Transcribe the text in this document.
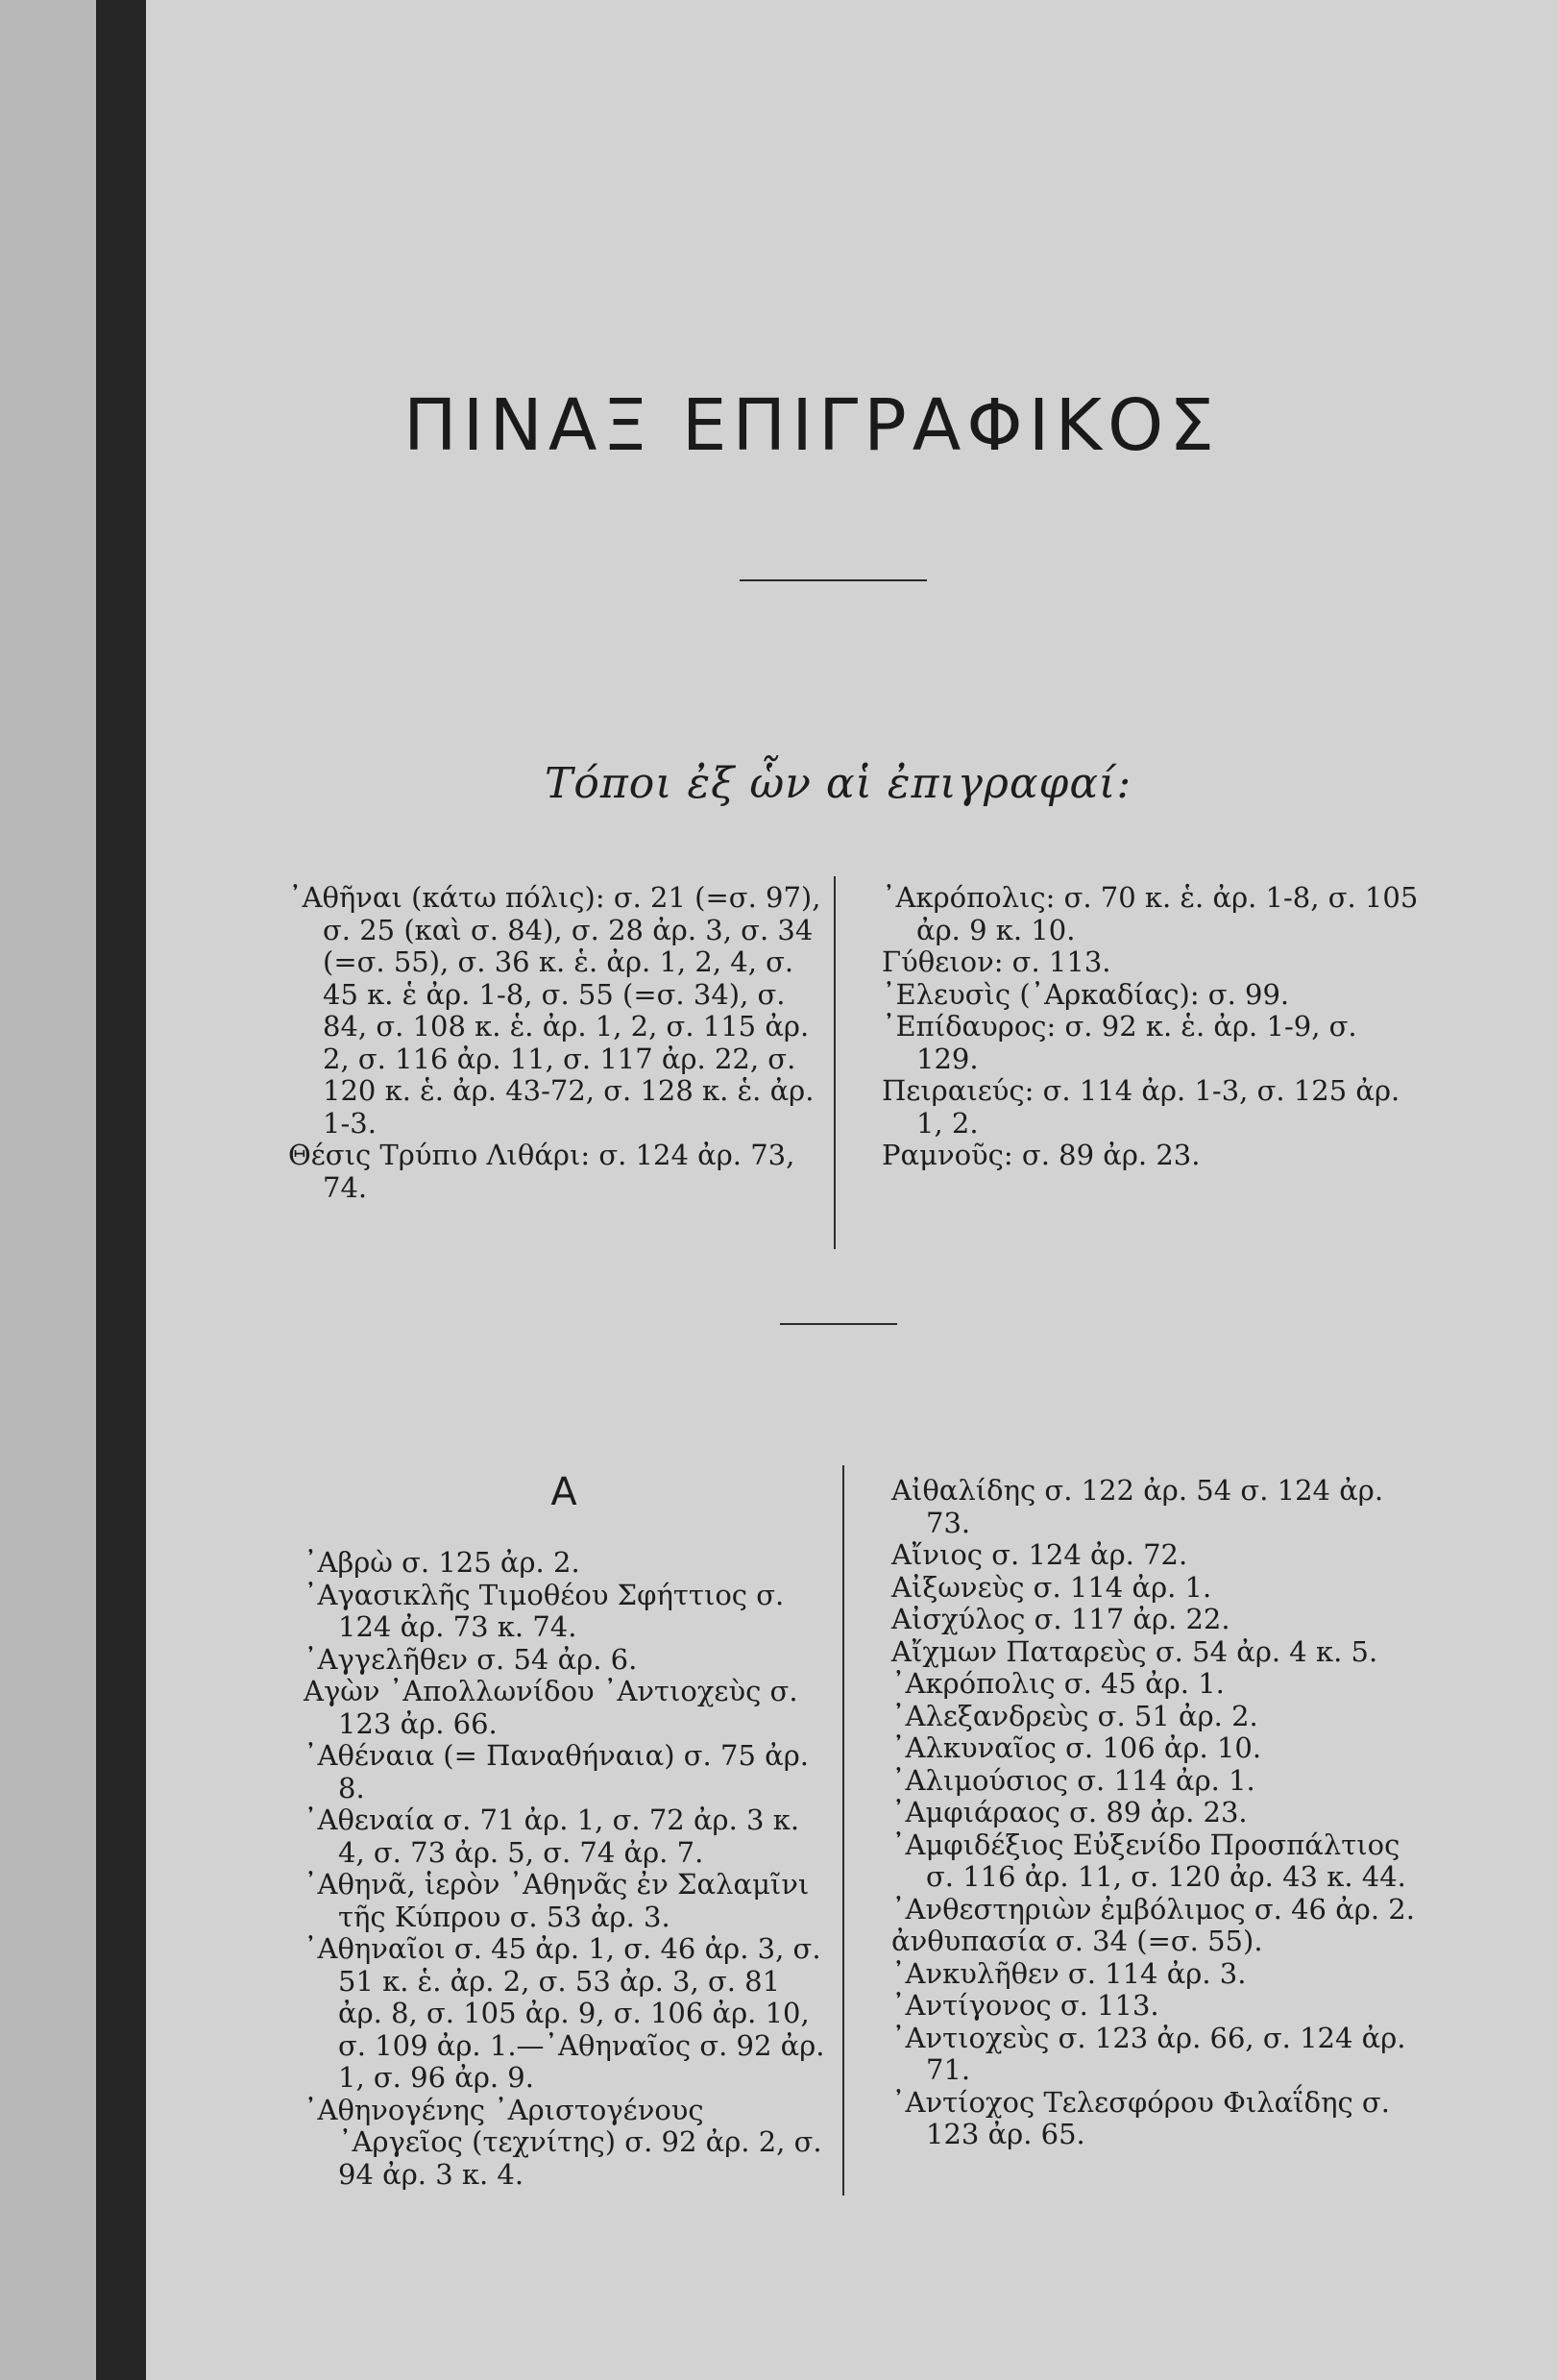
ΠΙΝΑΞ ΕΠΙΓΡΑΦΙΚΟΣ
Τόποι ἐξ ὧν αἱ ἐπιγραφαί:

᾿Αθῆναι (κάτω πόλις): σ. 21 (=σ. 97), σ. 25 (καὶ σ. 84), σ. 28 ἀρ. 3, σ. 34 (=σ. 55), σ. 36 κ. ἑ. ἀρ. 1, 2, 4, σ. 45 κ. ἑ ἀρ. 1-8, σ. 55 (=σ. 34), σ. 84, σ. 108 κ. ἑ. ἀρ. 1, 2, σ. 115 ἀρ. 2, σ. 116 ἀρ. 11, σ. 117 ἀρ. 22, σ. 120 κ. ἑ. ἀρ. 43-72, σ. 128 κ. ἑ. ἀρ. 1-3.

Θέσις Τρύπιο Λιθάρι: σ. 124 ἀρ. 73, 74.

᾿Ακρόπολις: σ. 70 κ. ἑ. ἀρ. 1-8, σ. 105 ἀρ. 9 κ. 10.

Γύθειον: σ. 113.

᾿Ελευσὶς (᾿Αρκαδίας): σ. 99.

᾿Επίδαυρος: σ. 92 κ. ἑ. ἀρ. 1-9, σ. 129.

Πειραιεύς: σ. 114 ἀρ. 1-3, σ. 125 ἀρ. 1, 2.

Ραμνοῦς: σ. 89 ἀρ. 23.

Α

᾿Αβρὼ σ. 125 ἀρ. 2.

᾿Αγασικλῆς Τιμοθέου Σφήττιος σ. 124 ἀρ. 73 κ. 74.

᾿Αγγελῆθεν σ. 54 ἀρ. 6.

Αγὼν ᾿Απολλωνίδου ᾿Αντιοχεὺς σ. 123 ἀρ. 66.

᾿Αθέναια (= Παναθήναια) σ. 75 ἀρ. 8.

᾿Αθεναία σ. 71 ἀρ. 1, σ. 72 ἀρ. 3 κ. 4, σ. 73 ἀρ. 5, σ. 74 ἀρ. 7.

᾿Αθηνᾶ, ἱερὸν ᾿Αθηνᾶς ἐν Σαλαμῖνι τῆς Κύπρου σ. 53 ἀρ. 3.

᾿Αθηναῖοι σ. 45 ἀρ. 1, σ. 46 ἀρ. 3, σ. 51 κ. ἑ. ἀρ. 2, σ. 53 ἀρ. 3, σ. 81 ἀρ. 8, σ. 105 ἀρ. 9, σ. 106 ἀρ. 10, σ. 109 ἀρ. 1.—᾿Αθηναῖος σ. 92 ἀρ. 1, σ. 96 ἀρ. 9.

᾿Αθηνογένης ᾿Αριστογένους ᾿Αργεῖος (τεχνίτης) σ. 92 ἀρ. 2, σ. 94 ἀρ. 3 κ. 4.

Αἰθαλίδης σ. 122 ἀρ. 54 σ. 124 ἀρ. 73.

Αἴνιος σ. 124 ἀρ. 72.

Αἰξωνεὺς σ. 114 ἀρ. 1.

Αἰσχύλος σ. 117 ἀρ. 22.

Αἴχμων Παταρεὺς σ. 54 ἀρ. 4 κ. 5.

᾿Ακρόπολις σ. 45 ἀρ. 1.

᾿Αλεξανδρεὺς σ. 51 ἀρ. 2.

᾿Αλκυναῖος σ. 106 ἀρ. 10.

᾿Αλιμούσιος σ. 114 ἀρ. 1.

᾿Αμφιάραος σ. 89 ἀρ. 23.

᾿Αμφιδέξιος Εὐξενίδο Προσπάλτιος σ. 116 ἀρ. 11, σ. 120 ἀρ. 43 κ. 44.

᾿Ανθεστηριὼν ἐμβόλιμος σ. 46 ἀρ. 2.

ἀνθυπασία σ. 34 (=σ. 55).

᾿Ανκυλῆθεν σ. 114 ἀρ. 3.

᾿Αντίγονος σ. 113.

᾿Αντιοχεὺς σ. 123 ἀρ. 66, σ. 124 ἀρ. 71.

᾿Αντίοχος Τελεσφόρου Φιλαΐδης σ. 123 ἀρ. 65.
